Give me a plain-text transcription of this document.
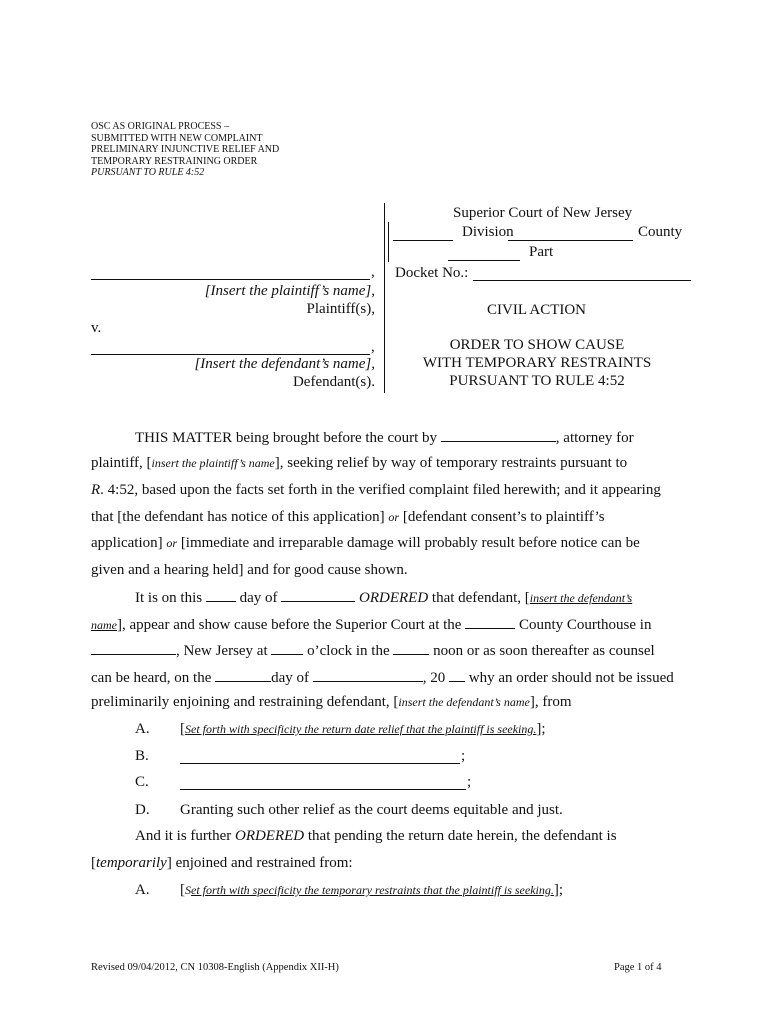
OSC AS ORIGINAL PROCESS –
SUBMITTED WITH NEW COMPLAINT
PRELIMINARY INJUNCTIVE RELIEF AND
TEMPORARY RESTRAINING ORDER
PURSUANT TO RULE 4:52
,
[Insert the plaintiff’s name],
Plaintiff(s),
v.
,
[Insert the defendant’s name],
Defendant(s).
Superior Court of New Jersey
Division	County
Part
Docket No.:
CIVIL ACTION
ORDER TO SHOW CAUSE
WITH TEMPORARY RESTRAINTS
PURSUANT TO RULE 4:52
THIS MATTER being brought before the court by	, attorney for
plaintiff, [insert the plaintiff’s name], seeking relief by way of temporary restraints pursuant to
R. 4:52, based upon the facts set forth in the verified complaint filed herewith; and it appearing
that [the defendant has notice of this application] or [defendant consent’s to plaintiff’s
application] or [immediate and irreparable damage will probably result before notice can be
given and a hearing held] and for good cause shown.
It is on this	day of	ORDERED that defendant, [insert the defendant’s
name], appear and show cause before the Superior Court at the	County Courthouse in
, New Jersey at	o’clock in the	noon or as soon thereafter as counsel
can be heard, on the	day of	, 20 why an order should not be issued
preliminarily enjoining and restraining defendant, [insert the defendant’s name], from
A. [Set forth with specificity the return date relief that the plaintiff is seeking.];
B.	;
C.	;
D. Granting such other relief as the court deems equitable and just.
And it is further ORDERED that pending the return date herein, the defendant is
[temporarily] enjoined and restrained from:
A. [Set forth with specificity the temporary restraints that the plaintiff is seeking.];
Revised 09/04/2012, CN 10308-English (Appendix XII-H)	Page 1 of 4
